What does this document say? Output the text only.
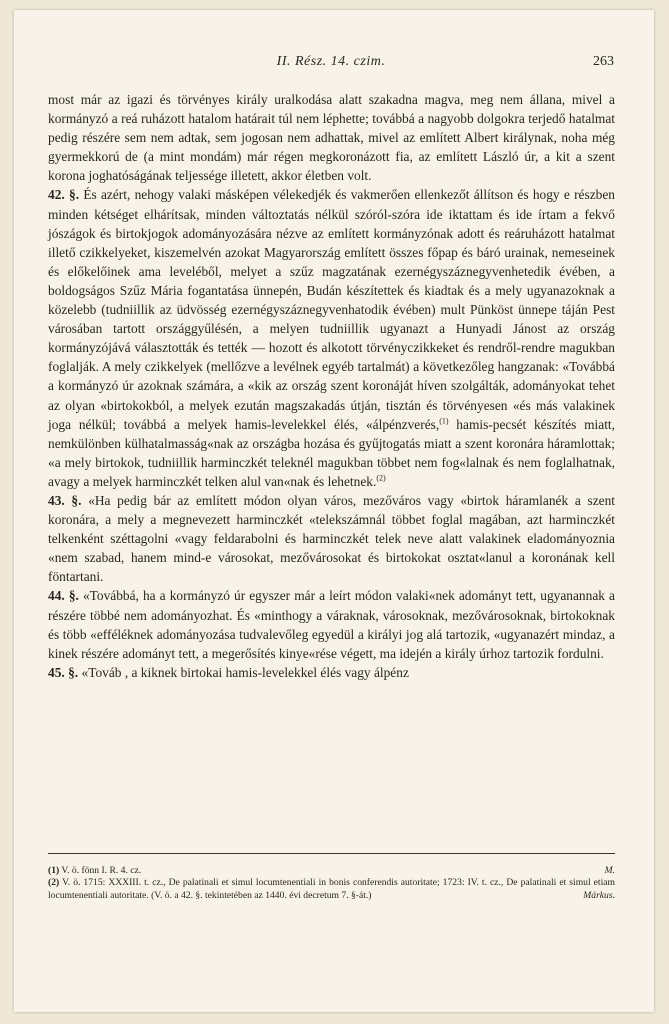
II. Rész. 14. czim.	263

most már az igazi és törvényes király uralkodása alatt szakadna magva, meg nem állana, mivel a kormányzó a reá ruházott hatalom határait túl nem léphette; továbbá a nagyobb dolgokra terjedő hatalmat pedig részére sem nem adtak, sem jogosan nem adhattak, mivel az említett Albert királynak, noha még gyermekkorú de (a mint mondám) már régen megkoronázott fia, az említett László úr, a kit a szent korona joghatóságának teljessége illetett, akkor életben volt.

42. §. És azért, nehogy valaki másképen vélekedjék és vakmerően ellenkezőt állítson és hogy e részben minden kétséget elhárítsak, minden változtatás nélkül szóról-szóra ide iktattam és ide írtam a fekvő jószágok és birtokjogok adományozására nézve az említett kormányzónak adott és reáruházott hatalmat illető czikkelyeket, kiszemelvén azokat Magyarország említett összes főpap és báró urainak, nemeseinek és előkelőinek ama leveléből, melyet a szűz magzatának ezernégyszáznegyvenhetedik évében, a boldogságos Szűz Mária fogantatása ünnepén, Budán készítettek és kiadtak és a mely ugyanazoknak a közelebb (tudniillik az üdvösség ezernégyszáznegyvenhatodik évében) mult Pünköst ünnepe táján Pest városában tartott országgyűlésén, a melyen tudniillik ugyanazt a Hunyadi Jánost az ország kormányzójává választották és tették — hozott és alkotott törvényczikkeket és rendről-rendre magukban foglalják. A mely czikkelyek (mellőzve a levélnek egyéb tartalmát) a következőleg hangzanak: «Továbbá a kormányzó úr azoknak számára, a «kik az ország szent koronáját híven szolgálták, adományokat tehet az olyan «birtokokból, a melyek ezután magszakadás útján, tisztán és törvényesen «és más valakinek joga nélkül; továbbá a melyek hamis-levelekkel élés, «álpénzverés,$^{(1)}$ hamis-pecsét készítés miatt, nemkülönben külhatalmasság«nak az országba hozása és gyűjtogatás miatt a szent koronára háramlottak; «a mely birtokok, tudniillik harminczkét teleknél magukban többet nem fog«lalnak és nem foglalhatnak, avagy a melyek harminczkét telken alul van«nak és lehetnek.$^{(2)}$

43. §. «Ha pedig bár az említett módon olyan város, mezőváros vagy «birtok háramlanék a szent koronára, a mely a megnevezett harminczkét «telekszámnál többet foglal magában, azt harminczkét telkenként széttagolni «vagy feldarabolni és harminczkét telek neve alatt valakinek eladományoznia «nem szabad, hanem mind-e városokat, mezővárosokat és birtokokat osztat«lanul a koronának kell föntartani.

44. §. «Továbbá, ha a kormányzó úr egyszer már a leírt módon valaki«nek adományt tett, ugyanannak a részére többé nem adományozhat. És «minthogy a váraknak, városoknak, mezővárosoknak, birtokoknak és több «efféléknek adományozása tudvalevőleg egyedül a királyi jog alá tartozik, «ugyanazért mindaz, a kinek részére adományt tett, a megerősítés kinye«rése végett, ma idején a király úrhoz tartozik fordulni.

45. §. «Továb , a kiknek birtokai hamis-levelekkel élés vagy álpénz

M.
(1) V. ö. fönn I. R. 4. cz.

(2) V. ö. 1715: XXXIII. t. cz., De palatinali et simul locumtenentiali in bonis conferendis autoritate; 1723: IV. t. cz., De palatinali et simul etiam locumtenentiali autoritate. (V. ö. a 42. §. tekintetében az 1440. évi decretum 7. §-át.)	Márkus.
